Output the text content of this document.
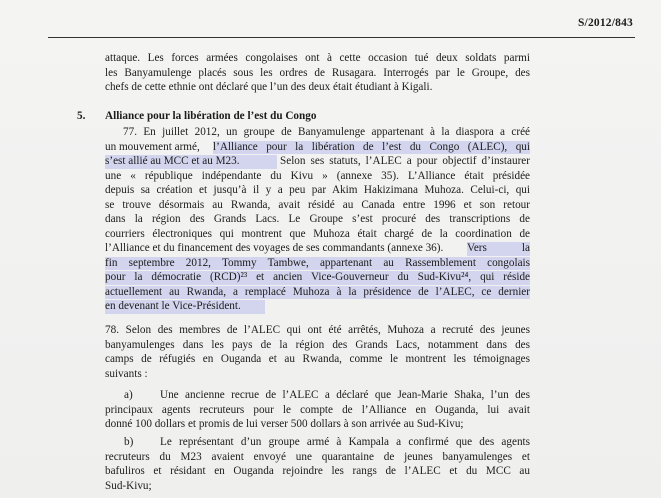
S/2012/843
attaque. Les forces armées congolaises ont à cette occasion tué deux soldats parmi
les Banyamulenge placés sous les ordres de Rusagara. Interrogés par le Groupe, des
chefs de cette ethnie ont déclaré que l’un des deux était étudiant à Kigali.
5. Alliance pour la libération de l’est du Congo
77. En juillet 2012, un groupe de Banyamulenge appartenant à la diaspora a créé
un mouvement armé,	l’Alliance pour la libération de l’est du Congo (ALEC), qui
s’est allié au MCC et au M23.	Selon ses statuts, l’ALEC a pour objectif d’instaurer
une « république indépendante du Kivu » (annexe 35). L’Alliance était présidée
depuis sa création et jusqu’à il y a peu par Akim Hakizimana Muhoza. Celui-ci, qui
se trouve désormais au Rwanda, avait résidé au Canada entre 1996 et son retour
dans la région des Grands Lacs. Le Groupe s’est procuré des transcriptions de
courriers électroniques qui montrent que Muhoza était chargé de la coordination de
l’Alliance et du financement des voyages de ses commandants (annexe 36).	Vers la
fin septembre 2012, Tommy Tambwe, appartenant au Rassemblement congolais
pour la démocratie (RCD)²³ et ancien Vice-Gouverneur du Sud-Kivu²⁴, qui réside
actuellement au Rwanda, a remplacé Muhoza à la présidence de l’ALEC, ce dernier
en devenant le Vice-Président.
78. Selon des membres de l’ALEC qui ont été arrêtés, Muhoza a recruté des jeunes
banyamulenges dans les pays de la région des Grands Lacs, notamment dans des
camps de réfugiés en Ouganda et au Rwanda, comme le montrent les témoignages
suivants :
a) Une ancienne recrue de l’ALEC a déclaré que Jean-Marie Shaka, l’un des
principaux agents recruteurs pour le compte de l’Alliance en Ouganda, lui avait
donné 100 dollars et promis de lui verser 500 dollars à son arrivée au Sud-Kivu;
b) Le représentant d’un groupe armé à Kampala a confirmé que des agents
recruteurs du M23 avaient envoyé une quarantaine de jeunes banyamulenges et
bafuliros et résidant en Ouganda rejoindre les rangs de l’ALEC et du MCC au
Sud-Kivu;
